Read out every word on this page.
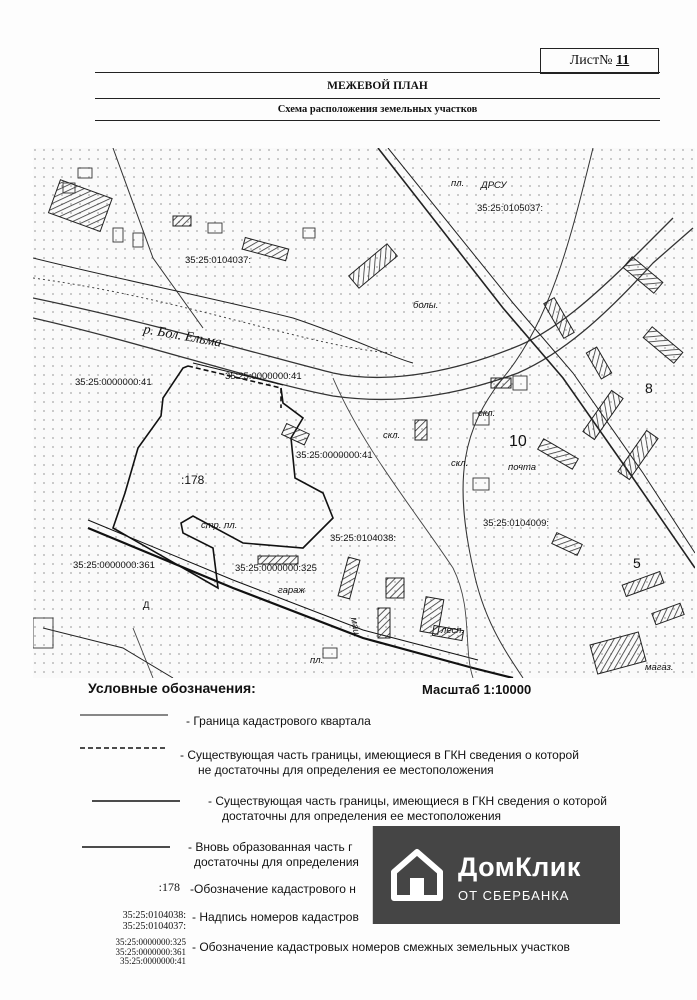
Лист№ 11
МЕЖЕВОЙ ПЛАН
Схема расположения земельных участков
35:25:0104037:
35:25:0105037:
35:25:0104009:
35:25:0104038:
35:25:0000000:41
35:25:0000000:41
35:25:0000000:41
35:25:0000000:361	35:25:0000000:325
:178
пл. ДРСУ
болы.
скл.
скл.
почта
скл.
стр. пл.
гараж
лесп.
р. Бол. Ельма
10
8
5
мац.
пл.
магаз.
Д
Условные обозначения:	Масштаб 1:10000
- Граница кадастрового квартала
- Существующая часть границы, имеющиеся в ГКН сведения о которой
не достаточны для определения ее местоположения
- Существующая часть границы, имеющиеся в ГКН сведения о которой
достаточны для определения ее местоположения
- Вновь образованная часть г
достаточны для определения
:178 -Обозначение кадастрового н
35:25:0104038:
35:25:0104037:
- Надпись номеров кадастров
35:25:0000000:325
35:25:0000000:361
35:25:0000000:41
- Обозначение кадастровых номеров смежных земельных участков
ДомКлик
ОТ СБЕРБАНКА
